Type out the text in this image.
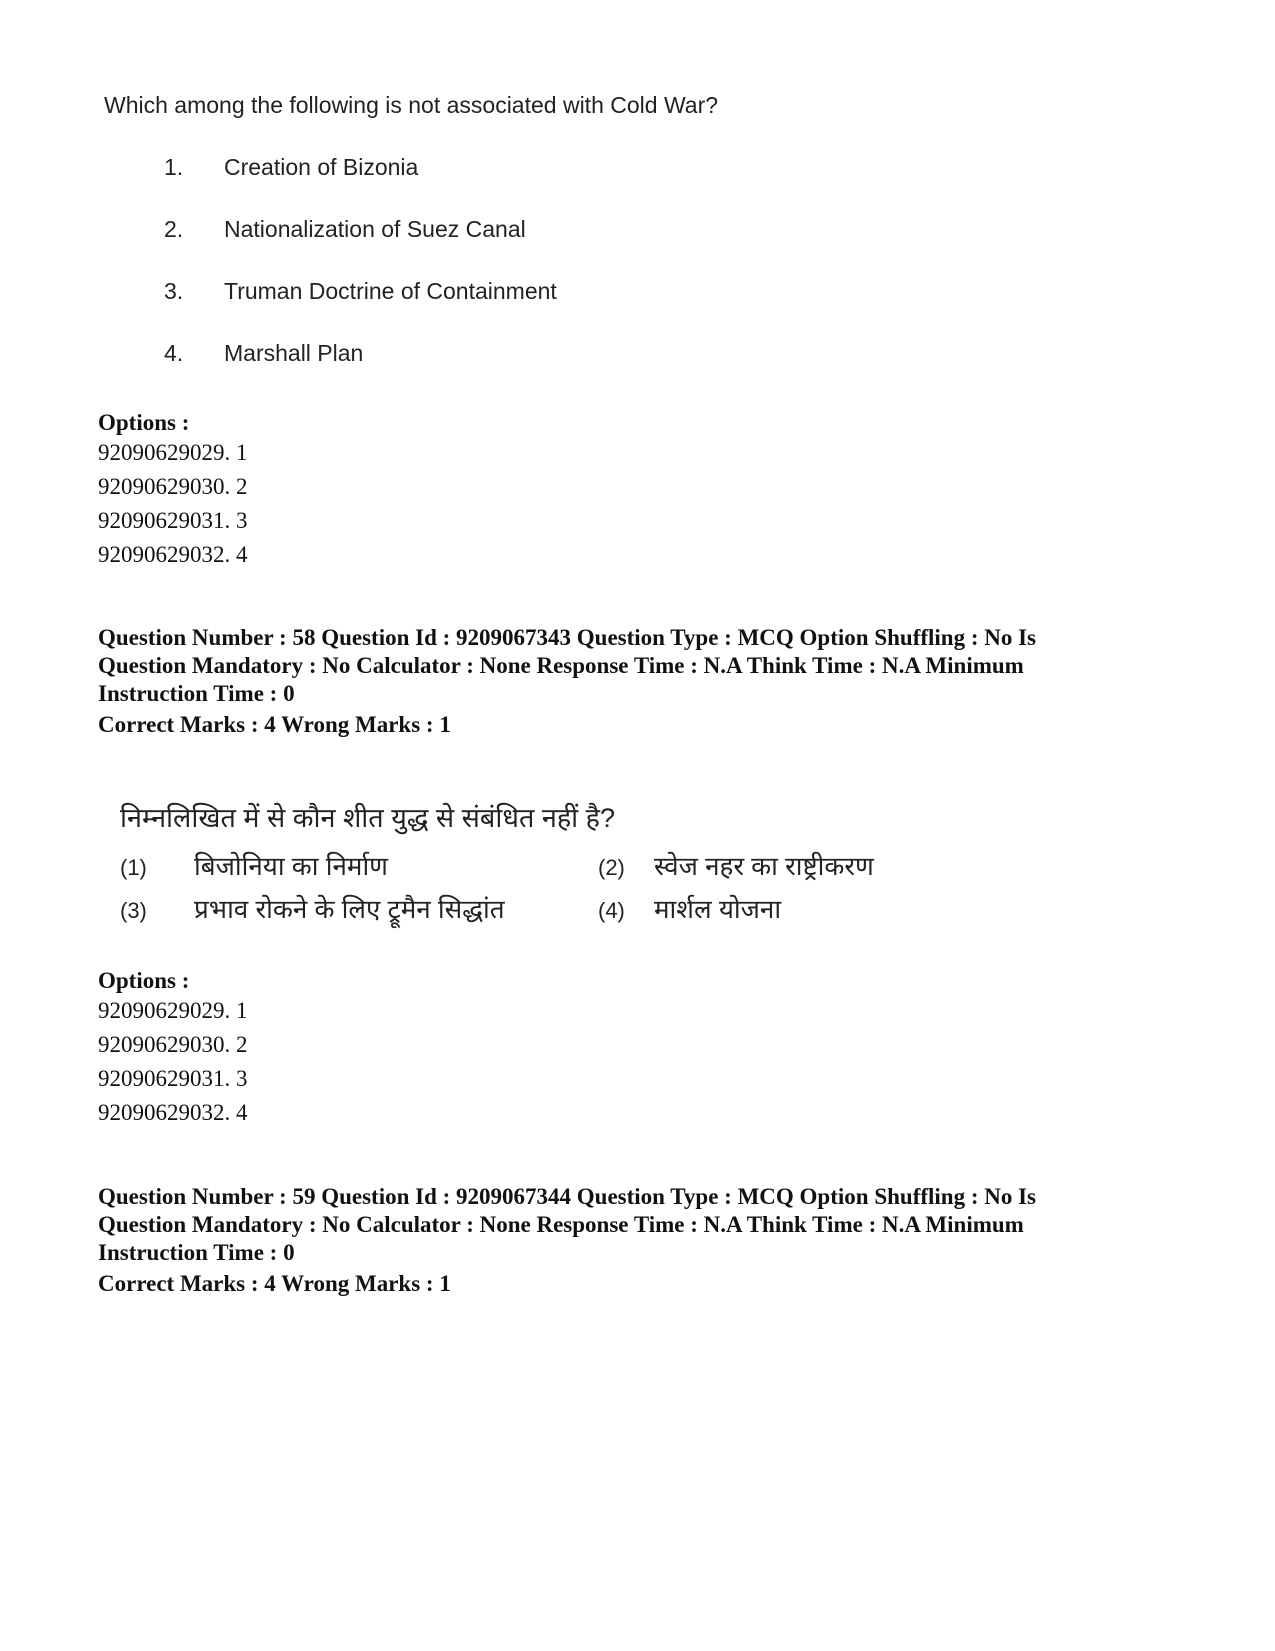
Which among the following is not associated with Cold War?
1. Creation of Bizonia
2. Nationalization of Suez Canal
3. Truman Doctrine of Containment
4. Marshall Plan
Options :
92090629029. 1
92090629030. 2
92090629031. 3
92090629032. 4
Question Number : 58 Question Id : 9209067343 Question Type : MCQ Option Shuffling : No Is
Question Mandatory : No Calculator : None Response Time : N.A Think Time : N.A Minimum
Instruction Time : 0
Correct Marks : 4 Wrong Marks : 1
निम्नलिखित में से कौन शीत युद्ध से संबंधित नहीं है?
(1) बिजोनिया का निर्माण	(2) स्वेज नहर का राष्ट्रीकरण
(3) प्रभाव रोकने के लिए ट्रूमैन सिद्धांत	(4) मार्शल योजना
Options :
92090629029. 1
92090629030. 2
92090629031. 3
92090629032. 4
Question Number : 59 Question Id : 9209067344 Question Type : MCQ Option Shuffling : No Is
Question Mandatory : No Calculator : None Response Time : N.A Think Time : N.A Minimum
Instruction Time : 0
Correct Marks : 4 Wrong Marks : 1
